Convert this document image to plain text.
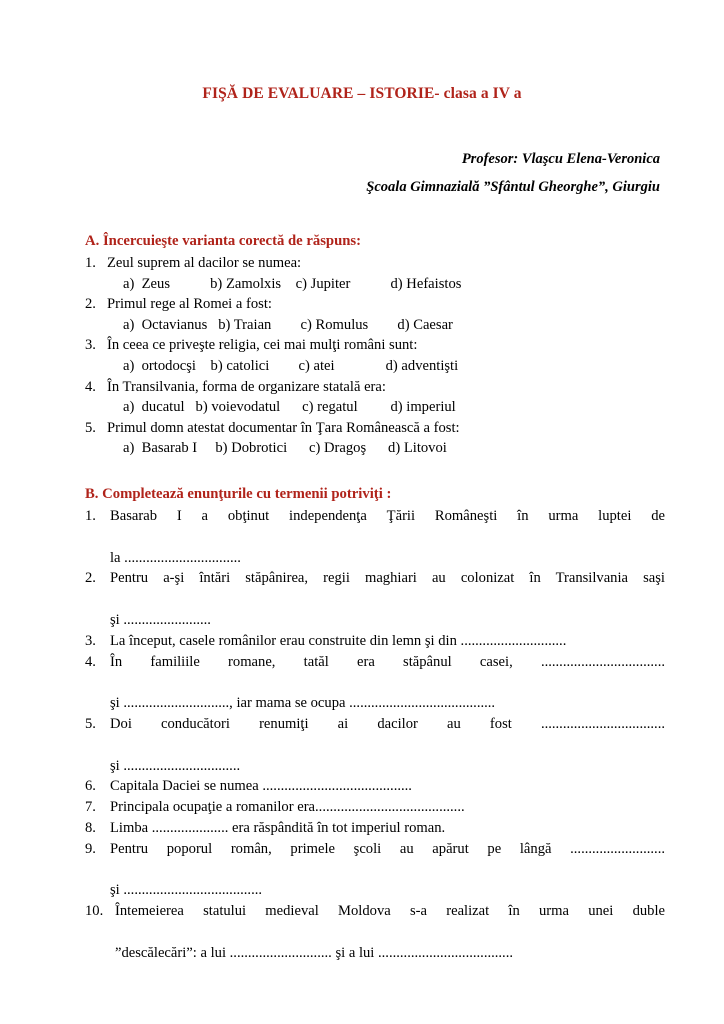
FIŞĂ DE EVALUARE – ISTORIE- clasa a IV a
Profesor: Vlaşcu Elena-Veronica
Şcoala Gimnazială ”Sfântul Gheorghe”, Giurgiu
A. Încercuieşte varianta corectă de răspuns:
1. Zeul suprem al dacilor se numea:
a)  Zeus           b) Zamolxis    c) Jupiter           d) Hefaistos
2. Primul rege al Romei a fost:
a)  Octavianus   b) Traian        c) Romulus        d) Caesar
3. În ceea ce priveşte religia, cei mai mulţi români sunt:
a)  ortodocşi    b) catolici        c) atei              d) adventişti
4. În Transilvania, forma de organizare statală era:
a)  ducatul   b) voievodatul      c) regatul         d) imperiul
5. Primul domn atestat documentar în Ţara Românească a fost:
a)  Basarab I     b) Dobrotici      c) Dragoş      d) Litovoi
B. Completează enunţurile cu termenii potriviţi :
1. Basarab I a obţinut independenţa Ţării Româneşti în urma luptei de
la ................................
2. Pentru a-şi întări stăpânirea, regii maghiari au colonizat în Transilvania saşi
şi ........................
3. La început, casele românilor erau construite din lemn şi din .............................
4. În familiile romane, tatăl era stăpânul casei, ..................................
şi ............................., iar mama se ocupa ........................................
5. Doi conducători renumiţi ai dacilor au fost ..................................
şi ................................
6. Capitala Daciei se numea .........................................
7. Principala ocupaţie a romanilor era.........................................
8. Limba ..................... era răspândită în tot imperiul roman.
9. Pentru poporul român, primele şcoli au apărut pe lângă ..........................
şi ......................................
10. Întemeierea statului medieval Moldova s-a realizat în urma unei duble
”descălecări”: a lui ............................ şi a lui .....................................
